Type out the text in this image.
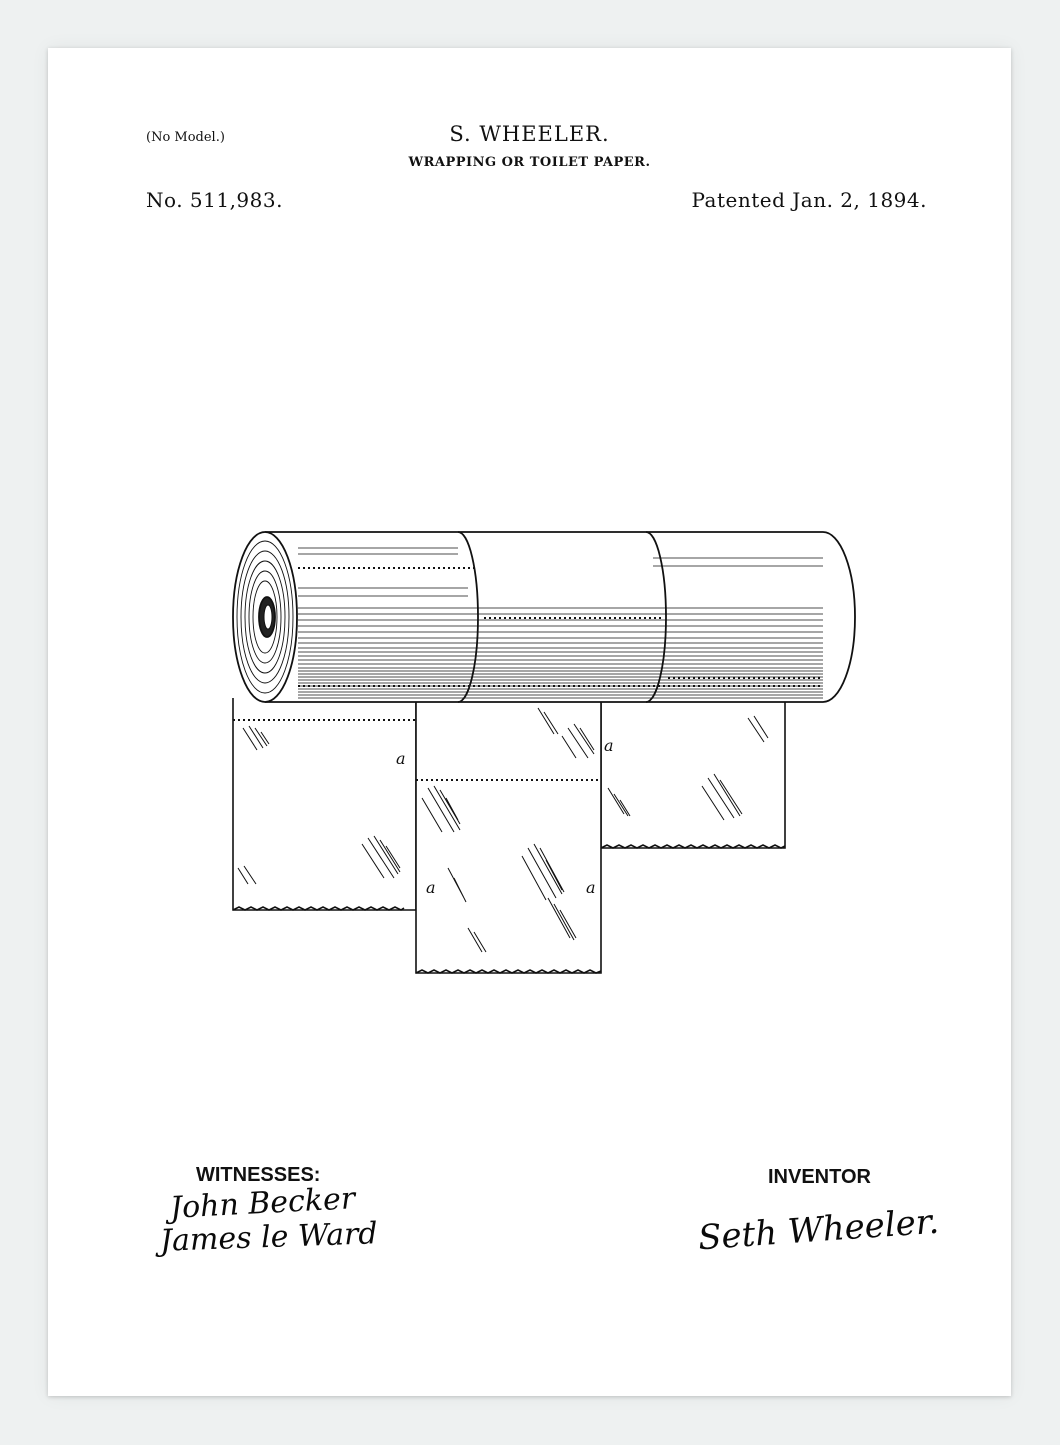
(No Model.)	S. WHEELER.
WRAPPING OR TOILET PAPER.
No. 511,983.	Patented Jan. 2, 1894.
a
a	a
a
WITNESSES:
John Becker
James le Ward
INVENTOR
Seth Wheeler.
